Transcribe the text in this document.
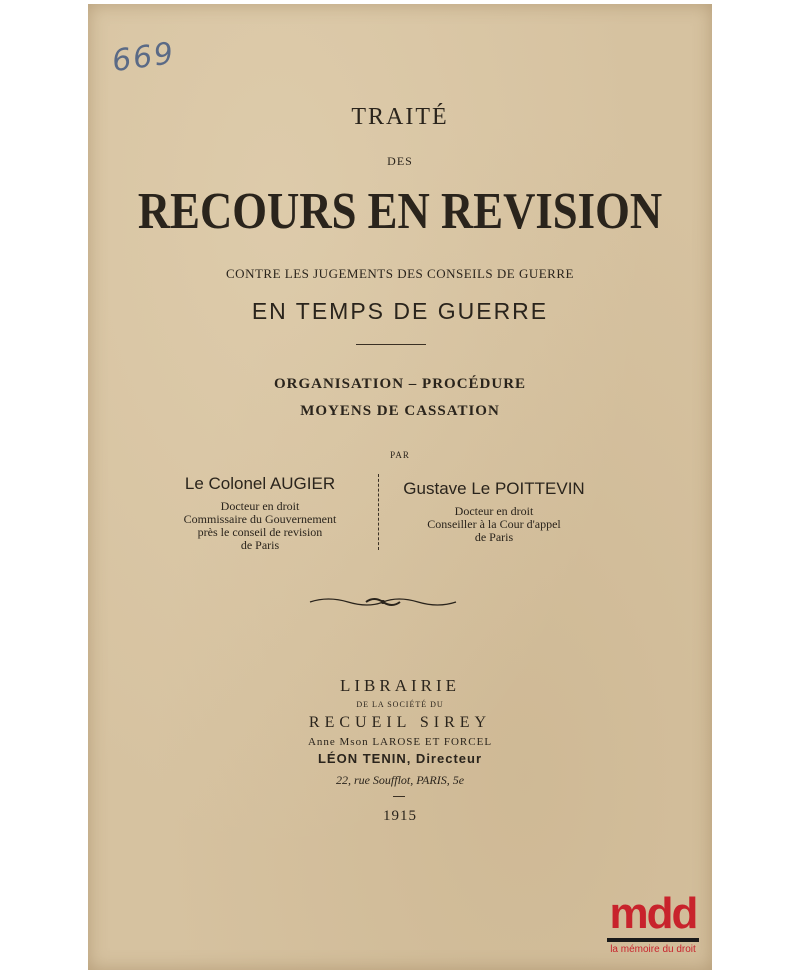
669
TRAITÉ
DES
RECOURS EN REVISION
CONTRE LES JUGEMENTS DES CONSEILS DE GUERRE
EN TEMPS DE GUERRE
ORGANISATION – PROCÉDURE
MOYENS DE CASSATION
PAR
Le Colonel AUGIER
Docteur en droit
Commissaire du Gouvernement
près le conseil de revision
de Paris
Gustave Le POITTEVIN
Docteur en droit
Conseiller à la Cour d'appel
de Paris
LIBRAIRIE
DE LA SOCIÉTÉ DU
RECUEIL SIREY
Anne Mson LAROSE ET FORCEL
LÉON TENIN, Directeur
22, rue Soufflot, PARIS, 5e
1915
mdd
la mémoire du droit
